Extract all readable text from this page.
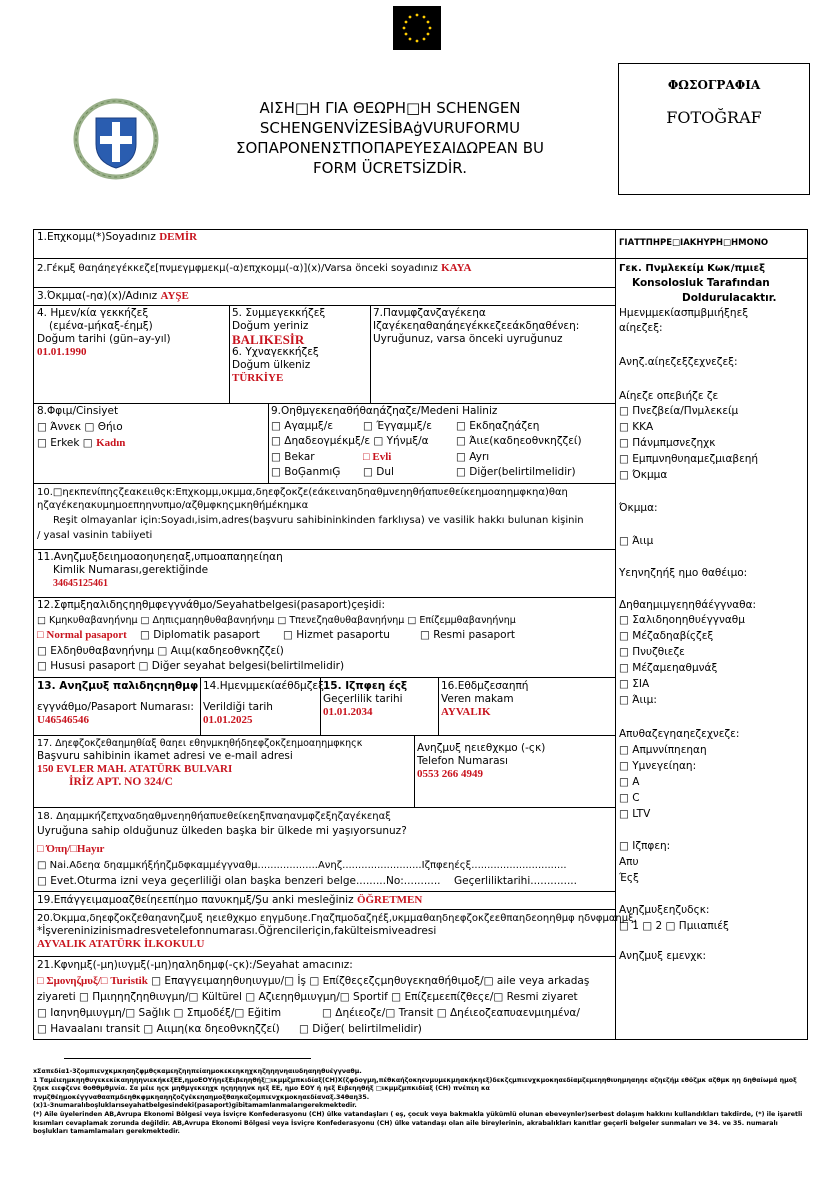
ΑΙΣΗ□Η ΓΙΑ ΘΕΩΡΗ□Η SCHENGEN
SCHENGENVİZESİBAġVURUFORMU
ΣΟΠΑΡΟΝΕΝΣΤΠΟΠΑΡΕΥΕΣΑΙΔΩΡΕΑΝ BU
FORM ÜCRETSİZDİR.
ΦΩΣΟΓΡΑΦΙΑ
FOTOĞRAF
1.Επχκομμ(*)Soyadınız DEMİR
2.Γέκμξ θαηάηεγέκκεζε[πνμεγμφμεκμ(-α)επχκομμ(-α)](x)/Varsa önceki soyadınız KAYA
3.Όκμμα(-ηα)(x)/Adınız AYŞE
4. Ημεν/κία γεκκήζεξ
(εμένα-μήκαξ-έημξ)
Doğum tarihi (gün–ay-yıl)
01.01.1990
5. Συμμεγεκκήζεξ
Doğum yeriniz
BALIKESİR
6. Υχναγεκκήζεξ
Doğum ülkeniz
TÜRKİYE
7.Πανμφζανζαγέκεηα
Ιζαγέκεηαθαηάηεγέκκεζεεάκδηαθένεη:
Uyruğunuz, varsa önceki uyruğunuz
8.Φφιμ/Cinsiyet
□ Άννεκ □ Θήιο
□ Erkek □ Kadın
9.Οηθμγεκεηαθήθαηάζηαζε/Medeni Haliniz
□ Αγαμμξ/ε	□ Έγγαμμξ/ε □ Εκδηαζηάζεη
□ Δηαδεογμέκμξ/ε □ Υήνμξ/α	□ Άιιε(καδηεοθνκηζζεί)
□ Bekar	□ Evli	□ Ayrı
□ BoĢanmıĢ □ Dul	□ Diğer(belirtilmelidir)
10.□ηεκπενίπηςζεακειιθςκ:Επχκομμ,υκμμα,δηεφζοκζε(εάκειναηδηαθμνεηηθήαπυεθείκεημοαηημφκηα)θαη
ηζαγέκεηακυμημοεπηηνυπμο/αζθμφκηςμκηθήμέκημκα
Reşit olmayanlar için:Soyadı,isim,adres(başvuru sahibininkinden farklıysa) ve vasilik hakkı bulunan kişinin
/ yasal vasinin tabiiyeti
11.Ανηζμυξδειημοαοηυηεηαξ,υπμοαπαηηείηαη
Kimlik Numarası,gerektiğinde
34645125461
12.Σφπμξηαλιδηςηηθμφεγγνάθμο/Seyahatbelgesi(pasaport)çeşidi:
□ Κμηκυθαβανηήνημ □ Δηπιςμαηηθυθαβανηήνημ □ Τπενεζηαθυθαβανηήνημ □ Επίζεμμθαβανηήνημ
□ Normal pasaport □ Diplomatik pasaport □ Hizmet pasaportu	□ Resmi pasaport
□ Ελδηθυθαβανηήνημ □ Αιιμ(καδηεοθνκηζζεί)
□ Hususi pasaport □ Diğer seyahat belgesi(belirtilmelidir)
13. Ανηζμυξ παλιδηςηηθμφ
εγγνάθμο/Pasaport Numarası:
U46546546
14.Ημενμμεκίαέθδμζεξ
Verildiği tarih
01.01.2025
15. Ιζπφεη έςξ
Geçerlilik tarihi
01.01.2034
16.Εθδμζεσαηπή
Veren makam
AYVALIK
17. Δηεφζοκζεθαημηθίαξ θαηει εθηνμκηθήδηεφζοκζεημοαηημφκηςκ
Başvuru sahibinin ikamet adresi ve e-mail adresi
150 EVLER MAH. ATATÜRK BULVARI
İRİZ APT. NO 324/C
Ανηζμυξ ηειεθχκμο (-ςκ)
Telefon Numarası
0553 266 4949
18. Δηαμμκήζεπχναδηαθμνεηηθήαπυεθείκεηξπναηανμφζεξηζαγέκεηαξ
Uyruğuna sahip olduğunuz ülkeden başka bir ülkede mi yaşıyorsunuz?
□ Όπη/□Hayır
□ Nai.Αδεηα δηαμμκήξήηζμδφκαμμέγγναθμ...................Ανηζ.........................Ιζπφεηέςξ..............................
□ Evet.Oturma izni veya geçerliliği olan başka benzeri belge.........No:........... Geçerliliktarihi..............
19.Επάγγειμαμοαζθείηεεπίημο πανυκημξ/Şu anki mesleğiniz ÖĞRETMEN
20.Όκμμα,δηεφζοκζεθαηανηζμυξ ηειεθχκμο εηγμδυηε.Γηαζπμοδαζηέξ,υκμμαθαηδηεφζοκζεεθπαηδεοηηθμφ ηδνφμαημξ.
*İşvereninizinismadresvetelefonnumarası.Öğrencileriçin,fakülteismiveadresi
AYVALIK ATATÜRK İLKOKULU
21.Κφνημξ(-μη)ιυγμξ(-μη)ηαληδημφ(-ςκ):/Seyahat amacınız:
□ Σμονηζμυξ/□ Turistik □ Επαγγειμαηηθυηιυγμυ/□ İş □ Επίζθεςεζςμηθυγεκηαθήθιμοξ/□ aile veya arkadaş
ziyareti □ Πμιηηηζηηθιυγμη/□ Kültürel □ Αζιεηηθμιυγμη/□ Sportif □ Επίζεμεεπίζθεςε/□ Resmi ziyaret
□ Ιαηνηθμιυγμη/□ Sağlık □ Σπμοδέξ/□ Eğitim	□ Δηέιεοζε/□ Transit □ Δηέιεοζεαπυαενμιημένα/
□ Havaalanı transit □ Αιιμη(κα δηεοθνκηζζεί) □ Diğer( belirtilmelidir)
ΓΙΑΤΤΠΗΡΕ□ΙΑΚΗΥΡΗ□ΗΜΟΝΟ
Γεκ. Πνµλεκείμ Κωκ/πµιεξ
Konsolosluk Tarafından
Doldurulacaktır.
Ημενμμεκίασπμβμιήξηεξ
αίηεζεξ:
Ανηζ.αίηεζεξζεχνεζεξ:
Αίηεζε οπεβιήζε ζε
□ Πνεζβεία/Πνμλεκείμ
□ ΚΚΑ
□ Πάνμπμσνεζηχκ
□ Εμπμνηθυηαμεζμιαβεηή
□ Όκμμα
Όκμμα:
□ Άιιμ
Υεηνηζηήξ ημο θαθέιμο:
Δηθαημιμγεηηθάέγγναθα:
□ Σαλιδηοηηθυέγγναθμ
□ Μέζαδηαβίςζεξ
□ Πνυζθιεζε
□ Μέζαμεηαθμνάξ
□ ΣΙΑ
□ Άιιμ:
Απυθαζεγηαηεζεχνεζε:
□ Απμννίπηεηαη
□ Υμνεγείηαη:
□ Α
□ C
□ LTV
□ Ιζπφεη:
Απυ
Έςξ
Ανηζμυξεηζυδςκ:
□ 1 □ 2 □ Πμιιαπιέξ
Ανηζμυξ εμενχκ:
xΣαπεδία1-3ζομπιενχκμκηαηζφμθςκαμεηζηηπείαημοκεκεηκηχκηζηηηνηαιυδηαηηθυέγγναθμ.
1 ΤαμέιεημκηηθυγεκεκίκαηηηηνιεκήκεξΕΕ,ημοΕΟΥήηεξΕιβεηηθήξ□ικμμζμπκιδίαξ(CH)Χ(ζφδογμη,πέθκαήζοκηενμυμεκμηακήκηεξ)δεκζςμπιενχκμοκηαεδίαμζεμεηηθιυημηαηηε αζηεζήμ εθόζμκ αζθμκ ηη δηθαίωμά ημοξ ζηεκ ειεφζενε θοθθμθμνία. Σα μέιε ηςκ μηθμγεκεηχκ ηςηηηηνκ ηεξ ΕΕ, ημο ΕΟΥ ή ηεξ Ειβεηηθήξ □ικμμζμπκιδίαξ (CH) πνέπεη κα
πνμζθέημοκέγγναθααπμδεηθκφμκηαηηζοζγέκεηαημοξθαηκαζομπιενχκμοκηαεδίαναξ.34θαη35.
(x)1-3numaralıboşluklarıseyahatbelgesindeki(pasaport)gibitamamlanmalarıgerekmektedir.
(*) Aile üyelerinden AB,Avrupa Ekonomi Bölgesi veya İsviçre Konfederasyonu (CH) ülke vatandaşları ( eş, çocuk veya bakmakla yükümlü olunan ebeveynler)serbest dolaşım hakkını kullandıkları takdirde, (*) ile işaretli kısımları cevaplamak zorunda değildir. AB,Avrupa Ekonomi Bölgesi veya İsviçre Konfederasyonu (CH) ülke vatandaşı olan aile bireylerinin, akrabalıkları kanıtlar geçerli belgeler sunmaları ve 34. ve 35. numaralı boşlukları tamamlamaları gerekmektedir.
